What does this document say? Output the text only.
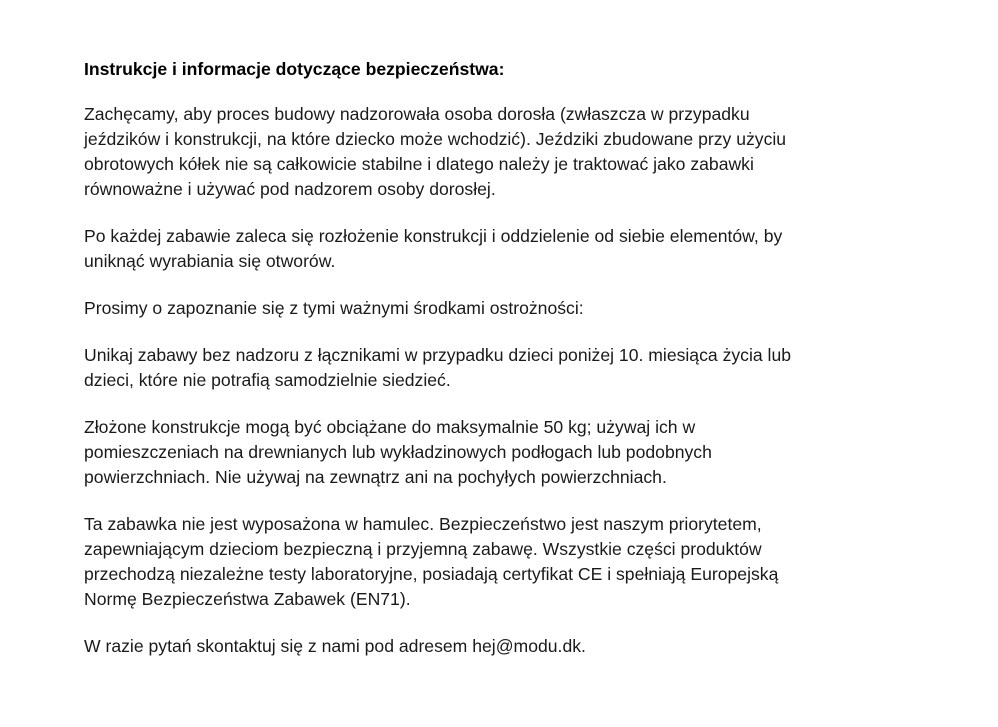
Instrukcje i informacje dotyczące bezpieczeństwa:

Zachęcamy, aby proces budowy nadzorowała osoba dorosła (zwłaszcza w przypadku
jeździków i konstrukcji, na które dziecko może wchodzić). Jeździki zbudowane przy użyciu
obrotowych kółek nie są całkowicie stabilne i dlatego należy je traktować jako zabawki
równoważne i używać pod nadzorem osoby dorosłej.

Po każdej zabawie zaleca się rozłożenie konstrukcji i oddzielenie od siebie elementów, by
uniknąć wyrabiania się otworów.

Prosimy o zapoznanie się z tymi ważnymi środkami ostrożności:

Unikaj zabawy bez nadzoru z łącznikami w przypadku dzieci poniżej 10. miesiąca życia lub
dzieci, które nie potrafią samodzielnie siedzieć.

Złożone konstrukcje mogą być obciążane do maksymalnie 50 kg; używaj ich w
pomieszczeniach na drewnianych lub wykładzinowych podłogach lub podobnych
powierzchniach. Nie używaj na zewnątrz ani na pochyłych powierzchniach.

Ta zabawka nie jest wyposażona w hamulec. Bezpieczeństwo jest naszym priorytetem,
zapewniającym dzieciom bezpieczną i przyjemną zabawę. Wszystkie części produktów
przechodzą niezależne testy laboratoryjne, posiadają certyfikat CE i spełniają Europejską
Normę Bezpieczeństwa Zabawek (EN71).

W razie pytań skontaktuj się z nami pod adresem hej@modu.dk.
